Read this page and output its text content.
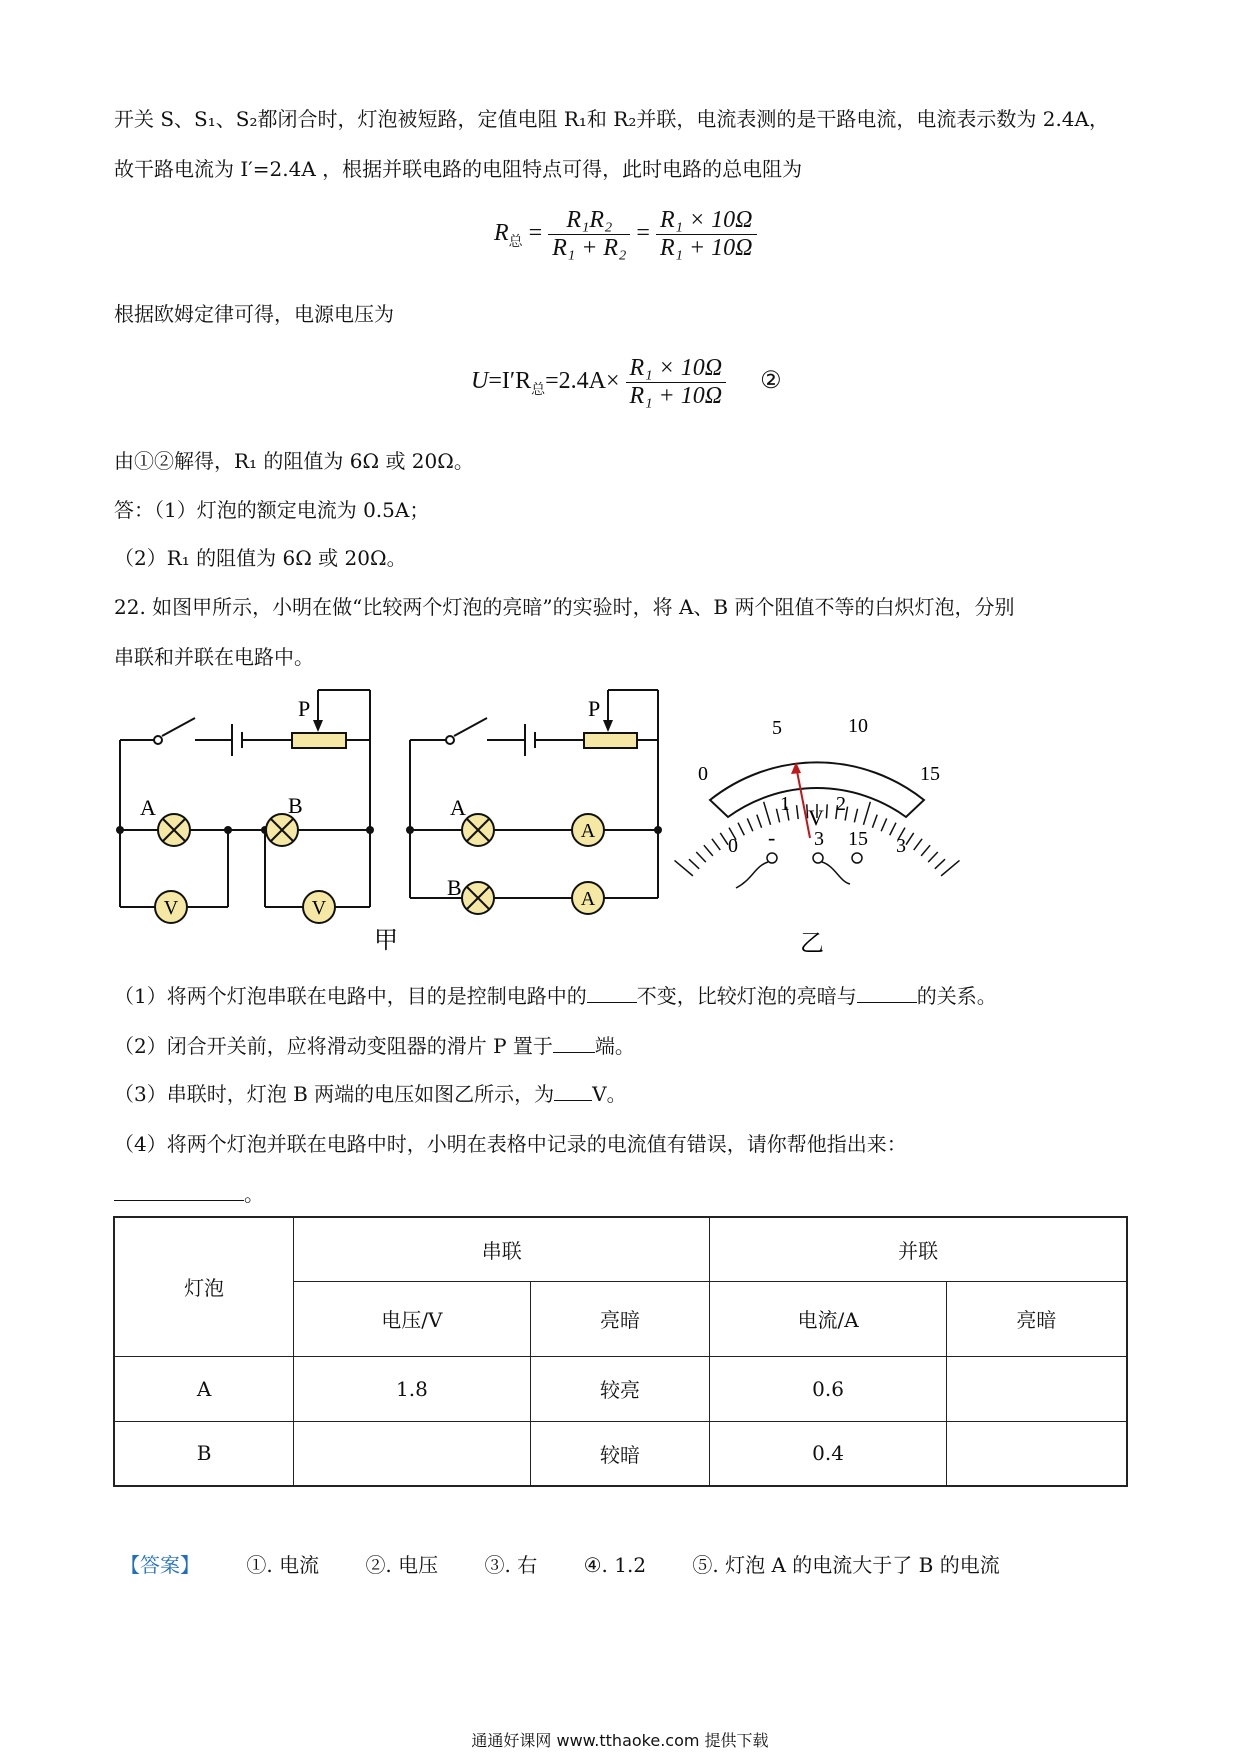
开关 S、S₁、S₂都闭合时，灯泡被短路，定值电阻 R₁和 R₂并联，电流表测的是干路电流，电流表示数为 2.4A，
故干路电流为 I′=2.4A ，根据并联电路的电阻特点可得，此时电路的总电阻为
$R_总 = \frac{\text{R₁R₂}}{\text{R₁ + R₂}} = \frac{\text{R₁ × 10Ω}}{\text{R₁ + 10Ω}}$
根据欧姆定律可得，电源电压为
$U=I'R_总=2.4A\times \frac{\text{R₁ × 10Ω}}{\text{R₁ + 10Ω}}$ ②
由①②解得，R₁ 的阻值为 6Ω 或 20Ω。
答：（1）灯泡的额定电流为 0.5A；
（2）R₁ 的阻值为 6Ω 或 20Ω。
22. 如图甲所示，小明在做“比较两个灯泡的亮暗”的实验时，将 A、B 两个阻值不等的白炽灯泡，分别
串联和并联在电路中。
P	P
A	B	A
B
V	V
A
A
甲
0
5	10
15
0
1 2
3
V
- 3 15
乙
（1）将两个灯泡串联在电路中，目的是控制电路中的	不变，比较灯泡的亮暗与	的关系。
（2）闭合开关前，应将滑动变阻器的滑片 P 置于 端。
（3）串联时，灯泡 B 两端的电压如图乙所示，为 V。
（4）将两个灯泡并联在电路中时，小明在表格中记录的电流值有错误，请你帮他指出来：
。
灯泡	串联		并联	
	电压/V	亮暗	电流/A	亮暗
A	1.8	较亮	0.6	
B		较暗	0.4	
【答案】 ①. 电流 ②. 电压 ③. 右 ④. 1.2 ⑤. 灯泡 A 的电流大于了 B 的电流
通通好课网 www.tthaoke.com 提供下载
